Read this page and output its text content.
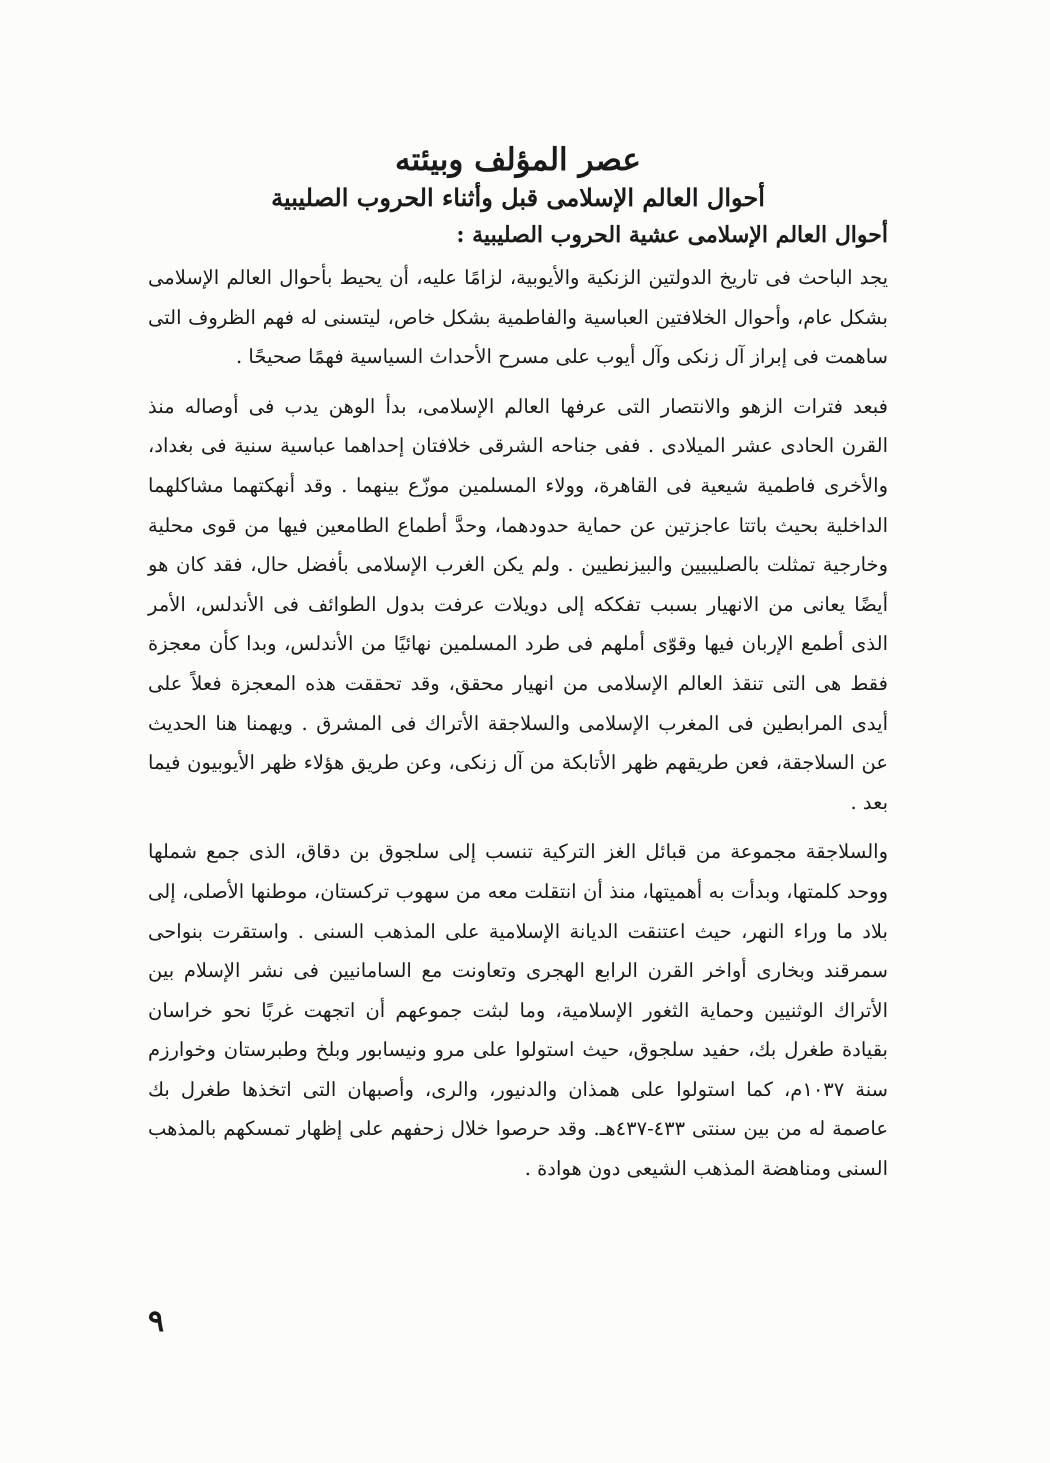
عصر المؤلف وبيئته
أحوال العالم الإسلامى قبل وأثناء الحروب الصليبية
أحوال العالم الإسلامى عشية الحروب الصليبية :

يجد الباحث فى تاريخ الدولتين الزنكية والأيوبية، لزامًا عليه، أن يحيط بأحوال العالم الإسلامى بشكل عام، وأحوال الخلافتين العباسية والفاطمية بشكل خاص، ليتسنى له فهم الظروف التى ساهمت فى إبراز آل زنكى وآل أيوب على مسرح الأحداث السياسية فهمًا صحيحًا .

فبعد فترات الزهو والانتصار التى عرفها العالم الإسلامى، بدأ الوهن يدب فى أوصاله منذ القرن الحادى عشر الميلادى . ففى جناحه الشرقى خلافتان إحداهما عباسية سنية فى بغداد، والأخرى فاطمية شيعية فى القاهرة، وولاء المسلمين موزّع بينهما . وقد أنهكتهما مشاكلهما الداخلية بحيث باتتا عاجزتين عن حماية حدودهما، وحدَّ أطماع الطامعين فيها من قوى محلية وخارجية تمثلت بالصليبيين والبيزنطيين . ولم يكن الغرب الإسلامى بأفضل حال، فقد كان هو أيضًا يعانى من الانهيار بسبب تفككه إلى دويلات عرفت بدول الطوائف فى الأندلس، الأمر الذى أطمع الإربان فيها وقوّى أملهم فى طرد المسلمين نهائيًا من الأندلس، وبدا كأن معجزة فقط هى التى تنقذ العالم الإسلامى من انهيار محقق، وقد تحققت هذه المعجزة فعلاً على أيدى المرابطين فى المغرب الإسلامى والسلاجقة الأتراك فى المشرق . ويهمنا هنا الحديث عن السلاجقة، فعن طريقهم ظهر الأتابكة من آل زنكى، وعن طريق هؤلاء ظهر الأيوبيون فيما بعد .

والسلاجقة مجموعة من قبائل الغز التركية تنسب إلى سلجوق بن دقاق، الذى جمع شملها ووحد كلمتها، وبدأت به أهميتها، منذ أن انتقلت معه من سهوب تركستان، موطنها الأصلى، إلى بلاد ما وراء النهر، حيث اعتنقت الديانة الإسلامية على المذهب السنى . واستقرت بنواحى سمرقند وبخارى أواخر القرن الرابع الهجرى وتعاونت مع السامانيين فى نشر الإسلام بين الأتراك الوثنيين وحماية الثغور الإسلامية، وما لبثت جموعهم أن اتجهت غربًا نحو خراسان بقيادة طغرل بك، حفيد سلجوق، حيث استولوا على مرو ونيسابور وبلخ وطبرستان وخوارزم سنة ١٠٣٧م، كما استولوا على همذان والدنيور، والرى، وأصبهان التى اتخذها طغرل بك عاصمة له من بين سنتى ٤٣٣-٤٣٧هـ. وقد حرصوا خلال زحفهم على إظهار تمسكهم بالمذهب السنى ومناهضة المذهب الشيعى دون هوادة .

٩
